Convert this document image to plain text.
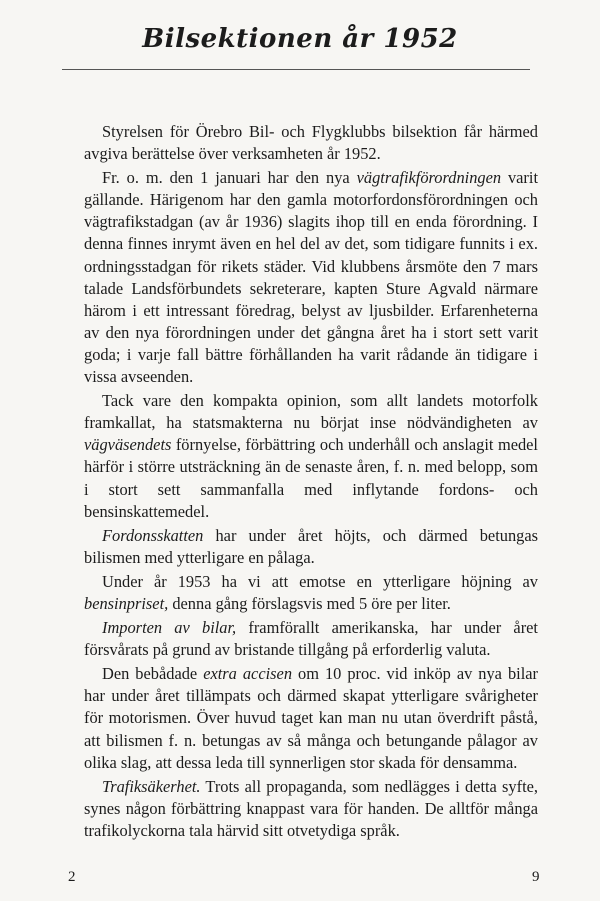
Bilsektionen år 1952

Styrelsen för Örebro Bil- och Flygklubbs bilsektion får härmed avgiva berättelse över verksamheten år 1952.

Fr. o. m. den 1 januari har den nya vägtrafikförordningen varit gällande. Härigenom har den gamla motorfordonsförordningen och vägtrafikstadgan (av år 1936) slagits ihop till en enda förordning. I denna finnes inrymt även en hel del av det, som tidigare funnits i ex. ordningsstadgan för rikets städer. Vid klubbens årsmöte den 7 mars talade Landsförbundets sekreterare, kapten Sture Agvald närmare härom i ett intressant föredrag, belyst av ljusbilder. Erfarenheterna av den nya förordningen under det gångna året ha i stort sett varit goda; i varje fall bättre förhållanden ha varit rådande än tidigare i vissa avseenden.

Tack vare den kompakta opinion, som allt landets motorfolk framkallat, ha statsmakterna nu börjat inse nödvändigheten av vägväsendets förnyelse, förbättring och underhåll och anslagit medel härför i större utsträckning än de senaste åren, f. n. med belopp, som i stort sett sammanfalla med inflytande fordons- och bensinskattemedel.

Fordonsskatten har under året höjts, och därmed betungas bilismen med ytterligare en pålaga.

Under år 1953 ha vi att emotse en ytterligare höjning av bensinpriset, denna gång förslagsvis med 5 öre per liter.

Importen av bilar, framförallt amerikanska, har under året försvårats på grund av bristande tillgång på erforderlig valuta.

Den bebådade extra accisen om 10 proc. vid inköp av nya bilar har under året tillämpats och därmed skapat ytterligare svårigheter för motorismen. Över huvud taget kan man nu utan överdrift påstå, att bilismen f. n. betungas av så många och betungande pålagor av olika slag, att dessa leda till synnerligen stor skada för densamma.

Trafiksäkerhet. Trots all propaganda, som nedlägges i detta syfte, synes någon förbättring knappast vara för handen. De alltför många trafikolyckorna tala härvid sitt otvetydiga språk.

2	9
